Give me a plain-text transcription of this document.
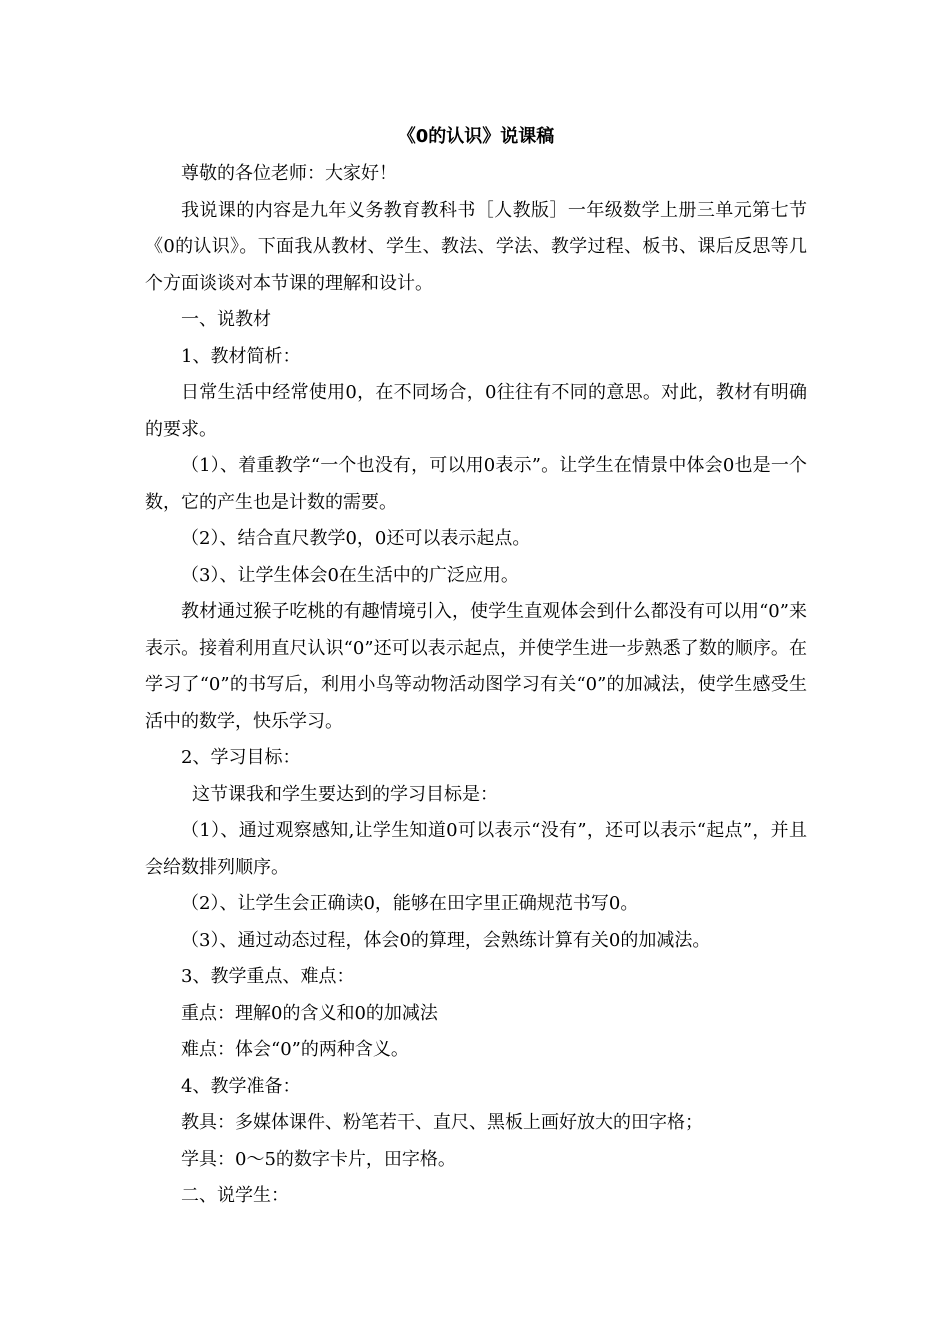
《0的认识》说课稿

尊敬的各位老师：大家好！

我说课的内容是九年义务教育教科书［人教版］一年级数学上册三单元第七节《0的认识》。下面我从教材、学生、教法、学法、教学过程、板书、课后反思等几个方面谈谈对本节课的理解和设计。

一、说教材

1、教材简析：

日常生活中经常使用0，在不同场合，0往往有不同的意思。对此，教材有明确的要求。

（1）、着重教学“一个也没有，可以用0表示”。让学生在情景中体会0也是一个数，它的产生也是计数的需要。

（2）、结合直尺教学0，0还可以表示起点。

（3）、让学生体会0在生活中的广泛应用。

教材通过猴子吃桃的有趣情境引入，使学生直观体会到什么都没有可以用“0”来表示。接着利用直尺认识“0”还可以表示起点，并使学生进一步熟悉了数的顺序。在学习了“0”的书写后，利用小鸟等动物活动图学习有关“0”的加减法，使学生感受生活中的数学，快乐学习。

2、学习目标：

这节课我和学生要达到的学习目标是：

（1）、通过观察感知,让学生知道0可以表示“没有”，还可以表示“起点”，并且会给数排列顺序。

（2）、让学生会正确读0，能够在田字里正确规范书写0。

（3）、通过动态过程，体会0的算理，会熟练计算有关0的加减法。

3、教学重点、难点：

重点：理解0的含义和0的加减法

难点：体会“0”的两种含义。

4、教学准备：

教具：多媒体课件、粉笔若干、直尺、黑板上画好放大的田字格；

学具：0～5的数字卡片，田字格。

二、说学生：
